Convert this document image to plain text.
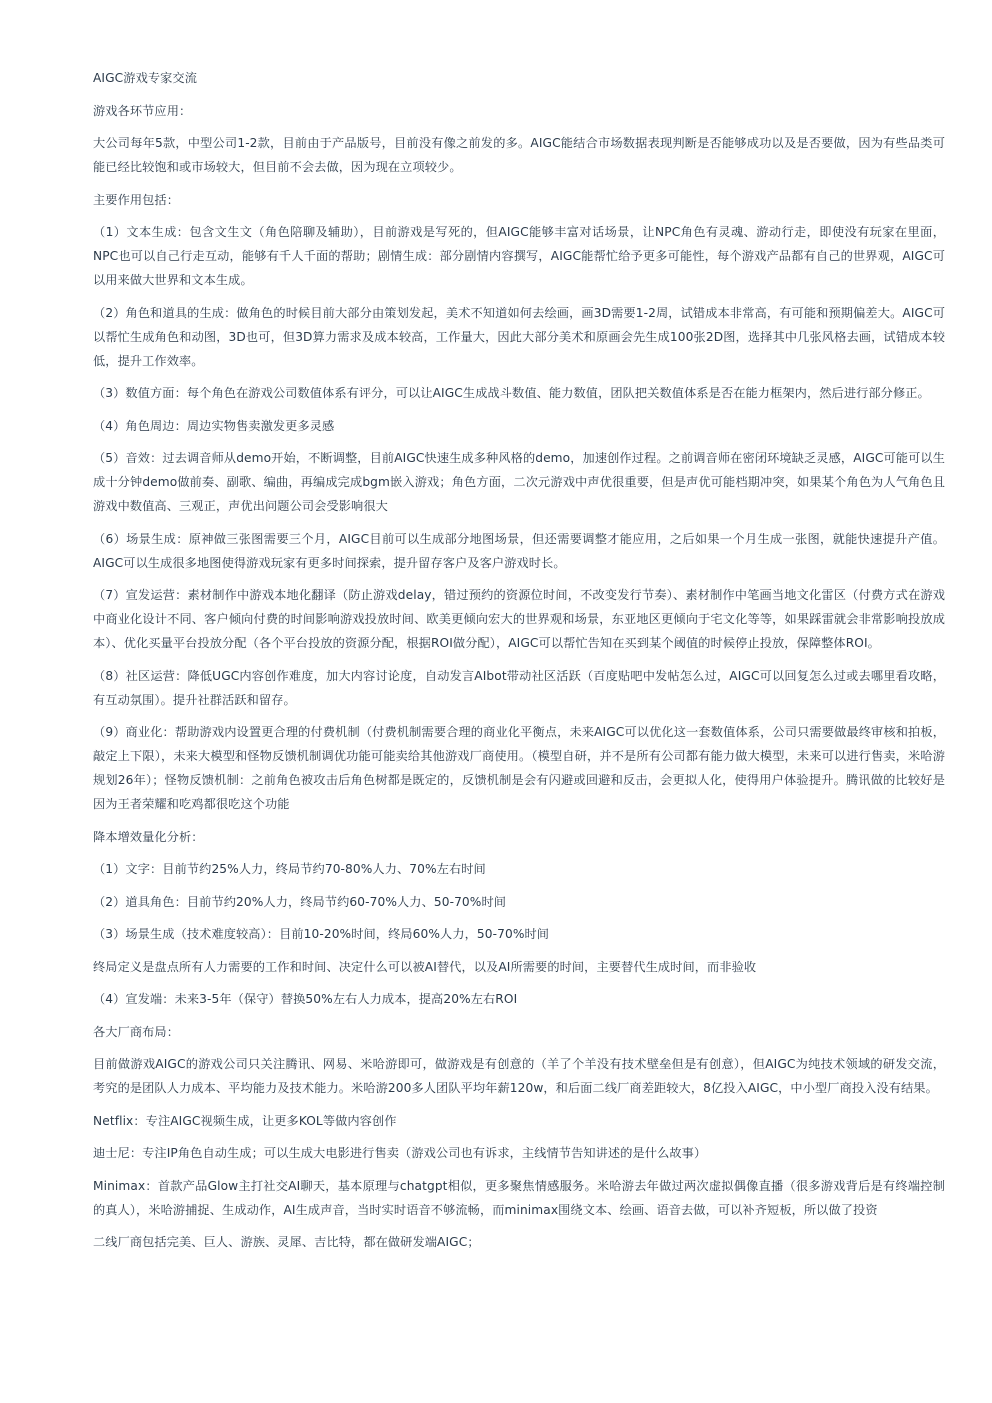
AIGC游戏专家交流

游戏各环节应用：

大公司每年5款，中型公司1-2款，目前由于产品版号，目前没有像之前发的多。AIGC能结合市场数据表现判断是否能够成功以及是否要做，因为有些品类可能已经比较饱和或市场较大，但目前不会去做，因为现在立项较少。

主要作用包括：

（1）文本生成：包含文生文（角色陪聊及辅助），目前游戏是写死的，但AIGC能够丰富对话场景，让NPC角色有灵魂、游动行走，即使没有玩家在里面，NPC也可以自己行走互动，能够有千人千面的帮助；剧情生成：部分剧情内容撰写，AIGC能帮忙给予更多可能性，每个游戏产品都有自己的世界观，AIGC可以用来做大世界和文本生成。

（2）角色和道具的生成：做角色的时候目前大部分由策划发起，美术不知道如何去绘画，画3D需要1-2周，试错成本非常高，有可能和预期偏差大。AIGC可以帮忙生成角色和动图，3D也可，但3D算力需求及成本较高，工作量大，因此大部分美术和原画会先生成100张2D图，选择其中几张风格去画，试错成本较低，提升工作效率。

（3）数值方面：每个角色在游戏公司数值体系有评分，可以让AIGC生成战斗数值、能力数值，团队把关数值体系是否在能力框架内，然后进行部分修正。

（4）角色周边：周边实物售卖激发更多灵感

（5）音效：过去调音师从demo开始，不断调整，目前AIGC快速生成多种风格的demo，加速创作过程。之前调音师在密闭环境缺乏灵感，AIGC可能可以生成十分钟demo做前奏、副歌、编曲，再编成完成bgm嵌入游戏；角色方面，二次元游戏中声优很重要，但是声优可能档期冲突，如果某个角色为人气角色且游戏中数值高、三观正，声优出问题公司会受影响很大

（6）场景生成：原神做三张图需要三个月，AIGC目前可以生成部分地图场景，但还需要调整才能应用，之后如果一个月生成一张图，就能快速提升产值。AIGC可以生成很多地图使得游戏玩家有更多时间探索，提升留存客户及客户游戏时长。

（7）宣发运营：素材制作中游戏本地化翻译（防止游戏delay，错过预约的资源位时间，不改变发行节奏）、素材制作中笔画当地文化雷区（付费方式在游戏中商业化设计不同、客户倾向付费的时间影响游戏投放时间、欧美更倾向宏大的世界观和场景，东亚地区更倾向于宅文化等等，如果踩雷就会非常影响投放成本）、优化买量平台投放分配（各个平台投放的资源分配，根据ROI做分配），AIGC可以帮忙告知在买到某个阈值的时候停止投放，保障整体ROI。

（8）社区运营：降低UGC内容创作难度，加大内容讨论度，自动发言AIbot带动社区活跃（百度贴吧中发帖怎么过，AIGC可以回复怎么过或去哪里看攻略，有互动氛围）。提升社群活跃和留存。

（9）商业化：帮助游戏内设置更合理的付费机制（付费机制需要合理的商业化平衡点，未来AIGC可以优化这一套数值体系，公司只需要做最终审核和拍板，敲定上下限），未来大模型和怪物反馈机制调优功能可能卖给其他游戏厂商使用。（模型自研，并不是所有公司都有能力做大模型，未来可以进行售卖，米哈游规划26年）；怪物反馈机制：之前角色被攻击后角色树都是既定的，反馈机制是会有闪避或回避和反击，会更拟人化，使得用户体验提升。腾讯做的比较好是因为王者荣耀和吃鸡都很吃这个功能

降本增效量化分析：

（1）文字：目前节约25%人力，终局节约70-80%人力、70%左右时间

（2）道具角色：目前节约20%人力，终局节约60-70%人力、50-70%时间

（3）场景生成（技术难度较高）：目前10-20%时间，终局60%人力，50-70%时间

终局定义是盘点所有人力需要的工作和时间、决定什么可以被AI替代，以及AI所需要的时间，主要替代生成时间，而非验收

（4）宣发端：未来3-5年（保守）替换50%左右人力成本，提高20%左右ROI

各大厂商布局：

目前做游戏AIGC的游戏公司只关注腾讯、网易、米哈游即可，做游戏是有创意的（羊了个羊没有技术壁垒但是有创意），但AIGC为纯技术领域的研发交流，考究的是团队人力成本、平均能力及技术能力。米哈游200多人团队平均年薪120w，和后面二线厂商差距较大，8亿投入AIGC，中小型厂商投入没有结果。

Netflix：专注AIGC视频生成，让更多KOL等做内容创作

迪士尼：专注IP角色自动生成；可以生成大电影进行售卖（游戏公司也有诉求，主线情节告知讲述的是什么故事）

Minimax：首款产品Glow主打社交AI聊天，基本原理与chatgpt相似，更多聚焦情感服务。米哈游去年做过两次虚拟偶像直播（很多游戏背后是有终端控制的真人），米哈游捕捉、生成动作，AI生成声音，当时实时语音不够流畅，而minimax围绕文本、绘画、语音去做，可以补齐短板，所以做了投资

二线厂商包括完美、巨人、游族、灵犀、吉比特，都在做研发端AIGC；
